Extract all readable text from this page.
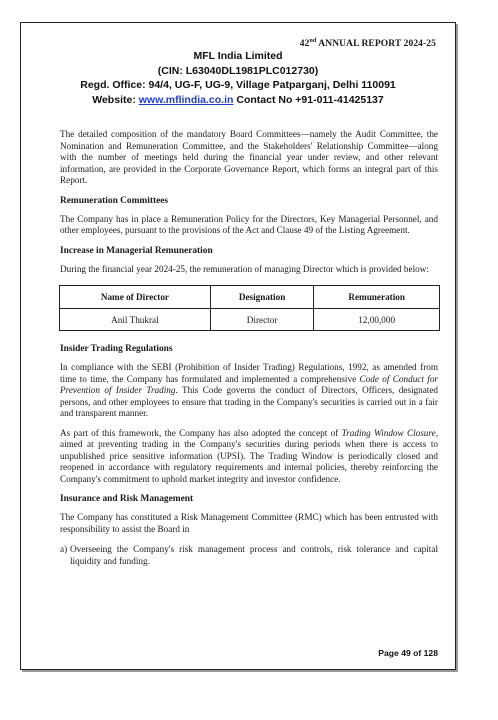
42nd ANNUAL REPORT 2024-25
MFL India Limited
(CIN: L63040DL1981PLC012730)
Regd. Office: 94/4, UG-F, UG-9, Village Patparganj, Delhi 110091
Website: www.mflindia.co.in Contact No +91-011-41425137

The detailed composition of the mandatory Board Committees—namely the Audit Committee, the Nomination and Remuneration Committee, and the Stakeholders' Relationship Committee—along with the number of meetings held during the financial year under review, and other relevant information, are provided in the Corporate Governance Report, which forms an integral part of this Report.

Remuneration Committees

The Company has in place a Remuneration Policy for the Directors, Key Managerial Personnel, and other employees, pursuant to the provisions of the Act and Clause 49 of the Listing Agreement.

Increase in Managerial Remuneration

During the financial year 2024-25, the remuneration of managing Director which is provided below:

Name of Director	Designation	Remuneration
Anil Thukral	Director	12,00,000

Insider Trading Regulations

In compliance with the SEBI (Prohibition of Insider Trading) Regulations, 1992, as amended from time to time, the Company has formulated and implemented a comprehensive Code of Conduct for Prevention of Insider Trading. This Code governs the conduct of Directors, Officers, designated persons, and other employees to ensure that trading in the Company's securities is carried out in a fair and transparent manner.

As part of this framework, the Company has also adopted the concept of Trading Window Closure, aimed at preventing trading in the Company's securities during periods when there is access to unpublished price sensitive information (UPSI). The Trading Window is periodically closed and reopened in accordance with regulatory requirements and internal policies, thereby reinforcing the Company's commitment to uphold market integrity and investor confidence.

Insurance and Risk Management

The Company has constituted a Risk Management Committee (RMC) which has been entrusted with responsibility to assist the Board in

a) Overseeing the Company's risk management process and controls, risk tolerance and capital liquidity and funding.
Page 49 of 128
